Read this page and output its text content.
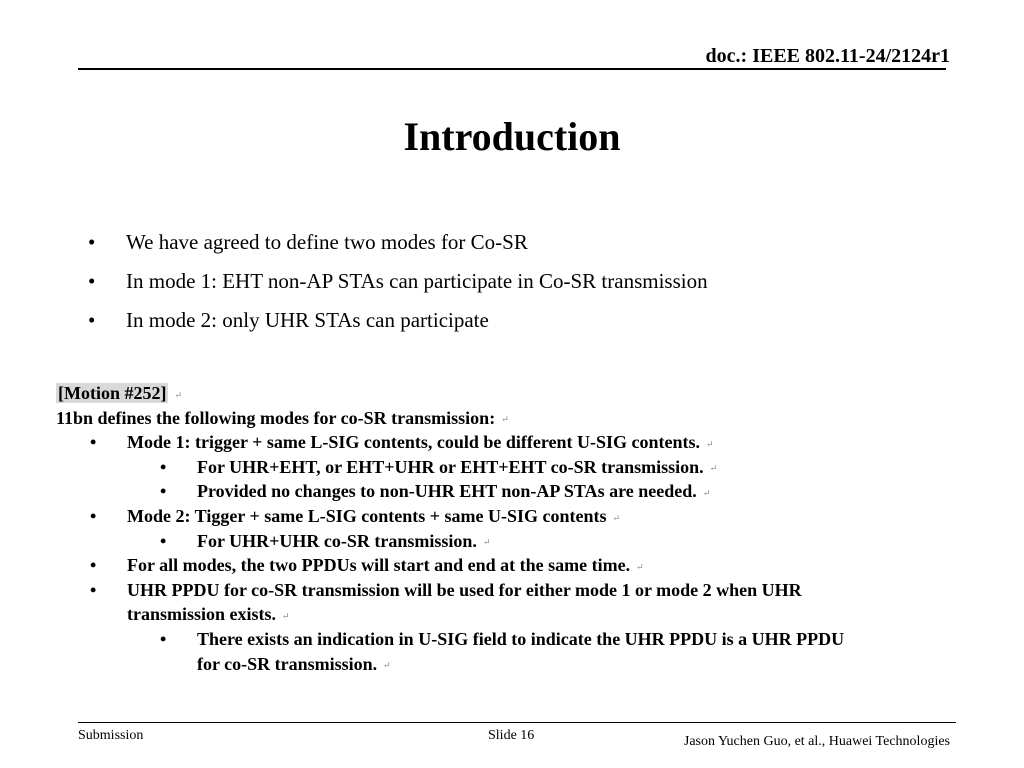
doc.: IEEE 802.11-24/2124r1
Introduction
•	We have agreed to define two modes for Co-SR
•	In mode 1: EHT non-AP STAs can participate in Co-SR transmission
•	In mode 2: only UHR STAs can participate
[Motion #252] ↵
11bn defines the following modes for co-SR transmission: ↵
• Mode 1: trigger + same L-SIG contents, could be different U-SIG contents. ↵
• For UHR+EHT, or EHT+UHR or EHT+EHT co-SR transmission. ↵
• Provided no changes to non-UHR EHT non-AP STAs are needed. ↵
• Mode 2: Tigger + same L-SIG contents + same U-SIG contents ↵
• For UHR+UHR co-SR transmission. ↵
• For all modes, the two PPDUs will start and end at the same time. ↵
• UHR PPDU for co-SR transmission will be used for either mode 1 or mode 2 when UHR
transmission exists. ↵
• There exists an indication in U-SIG field to indicate the UHR PPDU is a UHR PPDU
for co-SR transmission. ↵
Submission	Slide 16	Jason Yuchen Guo, et al., Huawei Technologies
